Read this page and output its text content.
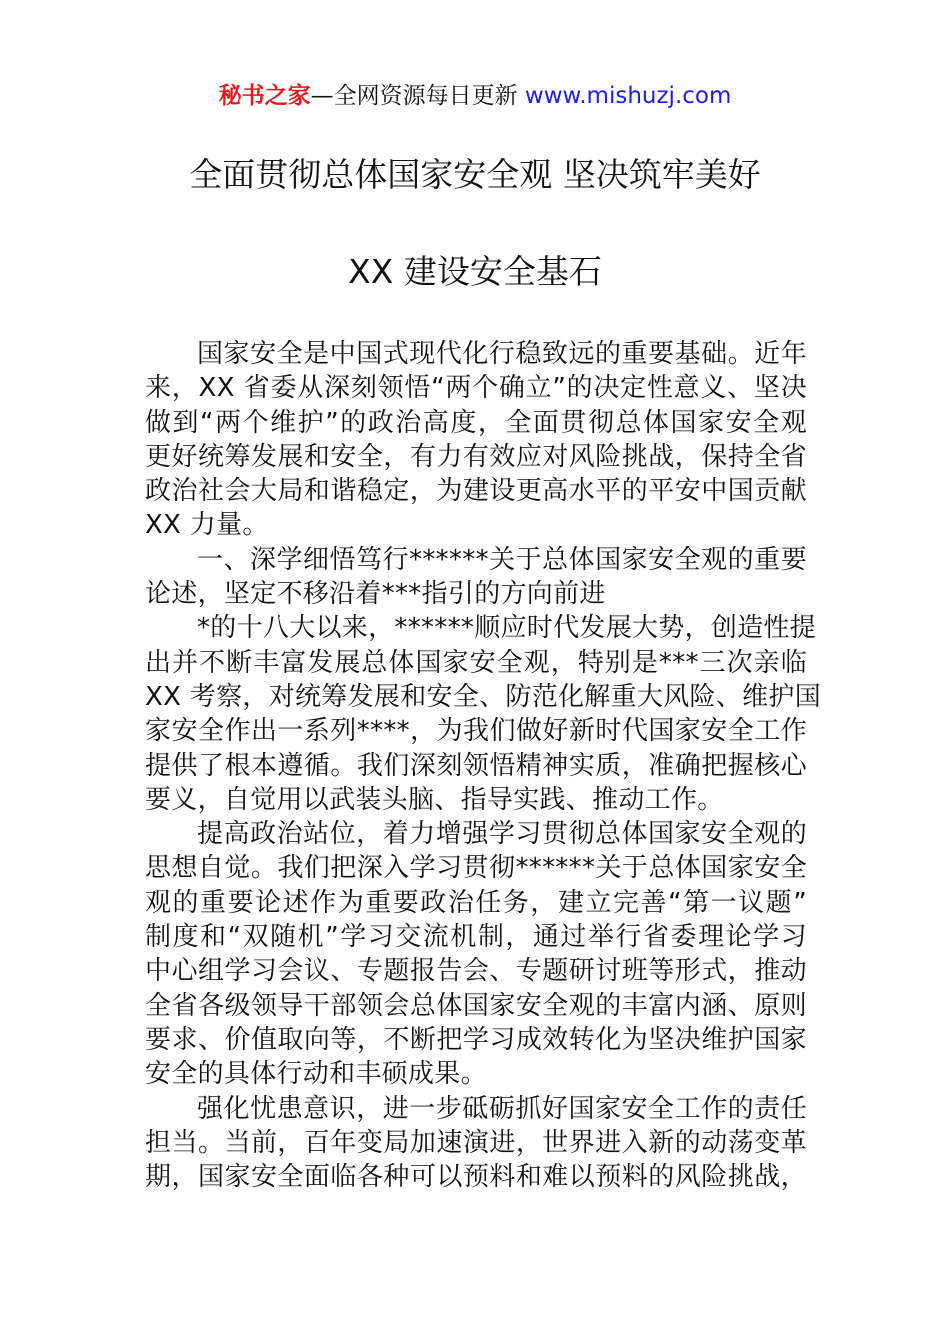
秘书之家—全网资源每日更新 www.mishuzj.com
全面贯彻总体国家安全观 坚决筑牢美好
XX 建设安全基石
国家安全是中国式现代化行稳致远的重要基础。近年
来，XX 省委从深刻领悟“两个确立”的决定性意义、坚决
做到“两个维护”的政治高度，全面贯彻总体国家安全观
更好统筹发展和安全，有力有效应对风险挑战，保持全省
政治社会大局和谐稳定，为建设更高水平的平安中国贡献
XX 力量。
一、深学细悟笃行******关于总体国家安全观的重要
论述，坚定不移沿着***指引的方向前进
*的十八大以来，******顺应时代发展大势，创造性提
出并不断丰富发展总体国家安全观，特别是***三次亲临
XX 考察，对统筹发展和安全、防范化解重大风险、维护国
家安全作出一系列****，为我们做好新时代国家安全工作
提供了根本遵循。我们深刻领悟精神实质，准确把握核心
要义，自觉用以武装头脑、指导实践、推动工作。
提高政治站位，着力增强学习贯彻总体国家安全观的
思想自觉。我们把深入学习贯彻******关于总体国家安全
观的重要论述作为重要政治任务，建立完善“第一议题”
制度和“双随机”学习交流机制，通过举行省委理论学习
中心组学习会议、专题报告会、专题研讨班等形式，推动
全省各级领导干部领会总体国家安全观的丰富内涵、原则
要求、价值取向等，不断把学习成效转化为坚决维护国家
安全的具体行动和丰硕成果。
强化忧患意识，进一步砥砺抓好国家安全工作的责任
担当。当前，百年变局加速演进，世界进入新的动荡变革
期，国家安全面临各种可以预料和难以预料的风险挑战，
